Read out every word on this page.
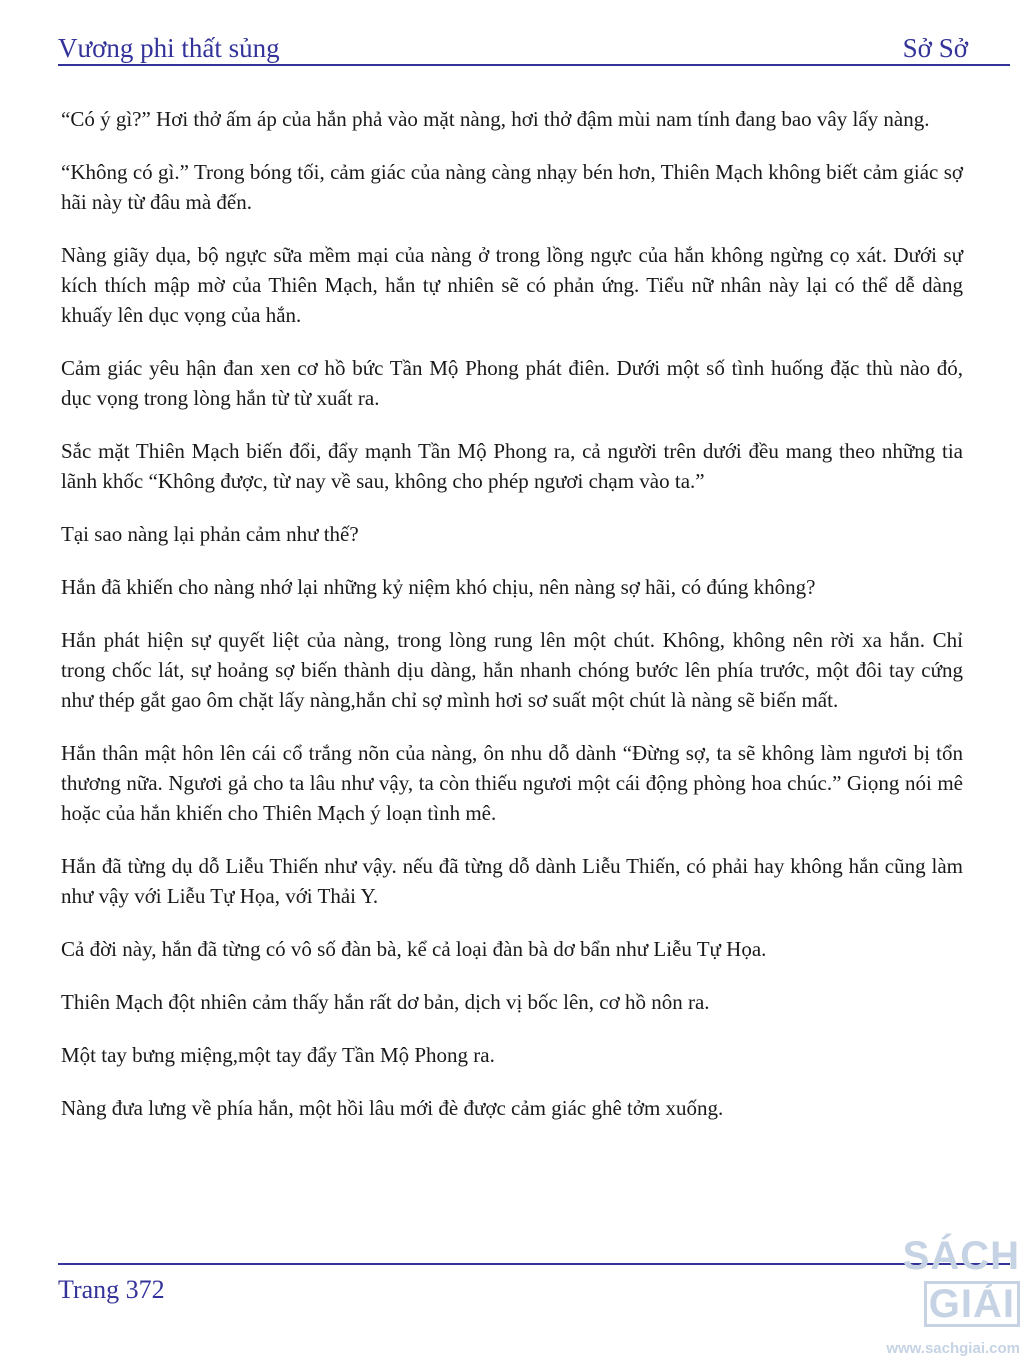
Vương phi thất sủng	Sở Sở

“Có ý gì?” Hơi thở ấm áp của hắn phả vào mặt nàng, hơi thở đậm mùi nam tính đang bao vây lấy nàng.

“Không có gì.” Trong bóng tối, cảm giác của nàng càng nhạy bén hơn, Thiên Mạch không biết cảm giác sợ hãi này từ đâu mà đến.

Nàng giãy dụa, bộ ngực sữa mềm mại của nàng ở trong lồng ngực của hắn không ngừng cọ xát. Dưới sự kích thích mập mờ của Thiên Mạch, hắn tự nhiên sẽ có phản ứng. Tiểu nữ nhân này lại có thể dễ dàng khuấy lên dục vọng của hắn.

Cảm giác yêu hận đan xen cơ hồ bức Tần Mộ Phong phát điên. Dưới một số tình huống đặc thù nào đó, dục vọng trong lòng hắn từ từ xuất ra.

Sắc mặt Thiên Mạch biến đổi, đẩy mạnh Tần Mộ Phong ra, cả người trên dưới đều mang theo những tia lãnh khốc “Không được, từ nay về sau, không cho phép ngươi chạm vào ta.”

Tại sao nàng lại phản cảm như thế?

Hắn đã khiến cho nàng nhớ lại những kỷ niệm khó chịu, nên nàng sợ hãi, có đúng không?

Hắn phát hiện sự quyết liệt của nàng, trong lòng rung lên một chút. Không, không nên rời xa hắn. Chỉ trong chốc lát, sự hoảng sợ biến thành dịu dàng, hắn nhanh chóng bước lên phía trước, một đôi tay cứng như thép gắt gao ôm chặt lấy nàng,hắn chỉ sợ mình hơi sơ suất một chút là nàng sẽ biến mất.

Hắn thân mật hôn lên cái cổ trắng nõn của nàng, ôn nhu dỗ dành “Đừng sợ, ta sẽ không làm ngươi bị tổn thương nữa. Ngươi gả cho ta lâu như vậy, ta còn thiếu ngươi một cái động phòng hoa chúc.” Giọng nói mê hoặc của hắn khiến cho Thiên Mạch ý loạn tình mê.

Hắn đã từng dụ dỗ Liễu Thiến như vậy. nếu đã từng dỗ dành Liễu Thiến, có phải hay không hắn cũng làm như vậy với Liễu Tự Họa, với Thải Y.

Cả đời này, hắn đã từng có vô số đàn bà, kể cả loại đàn bà dơ bẩn như Liễu Tự Họa.

Thiên Mạch đột nhiên cảm thấy hắn rất dơ bản, dịch vị bốc lên, cơ hồ nôn ra.

Một tay bưng miệng,một tay đẩy Tần Mộ Phong ra.

Nàng đưa lưng về phía hắn, một hồi lâu mới đè được cảm giác ghê tởm xuống.

Trang 372
SÁCHGIẢI
www.sachgiai.com
